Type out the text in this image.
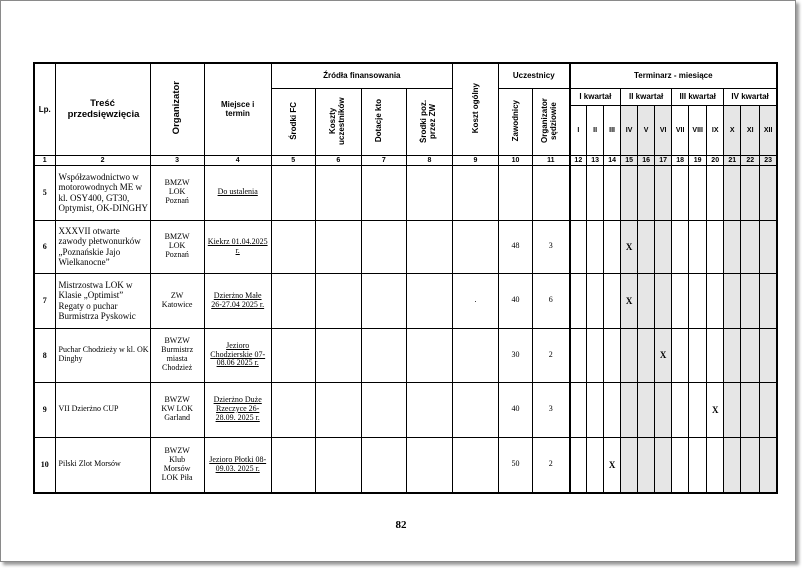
Lp.	Treść przedsięwzięcia	Organizator	Miejsce i termin	Źródła finansowania				Koszt ogólny	Uczestnicy		Terminarz - miesiące											
				Środki FC	Koszty uczestników	Dotacje kto	Środki poz. przez ZW		Zawodnicy	Organizator sędziowie	I kwartał			II kwartał			III kwartał			IV kwartał		
											I	II	III	IV	V	VI	VII	VIII	IX	X	XI	XII
1	2	3	4	5	6	7	8	9	10	11	12	13	14	15	16	17	18	19	20	21	22	23
5	Współzawodnictwo w motorowodnych ME w kl. OSY400, GT30, Optymist, OK-DINGHY	BMZW LOK Poznań	Do ustalenia																			

6	XXXVII otwarte zawody płetwonurków „Poznańskie Jajo Wielkanocne”	BMZW LOK Poznań	Kiekrz 01.04.2025 r.						48	3				X								
7	Mistrzostwa LOK w Klasie „Optimist” Regaty o puchar Burmistrza Pyskowic	ZW Katowice	Dzierżno Małe 26-27.04 2025 r.					.	40	6				X								
8	Puchar Chodzieży w kl. OK Dinghy	BWZW Burmistrz miasta Chodzież	Jezioro Chodzierskie 07-08.06 2025 r.						30	2						X						
9	VII Dzierżno CUP	BWZW KW LOK Garland	Dzierżno Duże Rzeczyce 26-28.09. 2025 r.						40	3									X			
10	Pilski Zlot Morsów	BWZW Klub Morsów LOK Piła	Jezioro Płotki 08-09.03. 2025 r.						50	2			X									
82
